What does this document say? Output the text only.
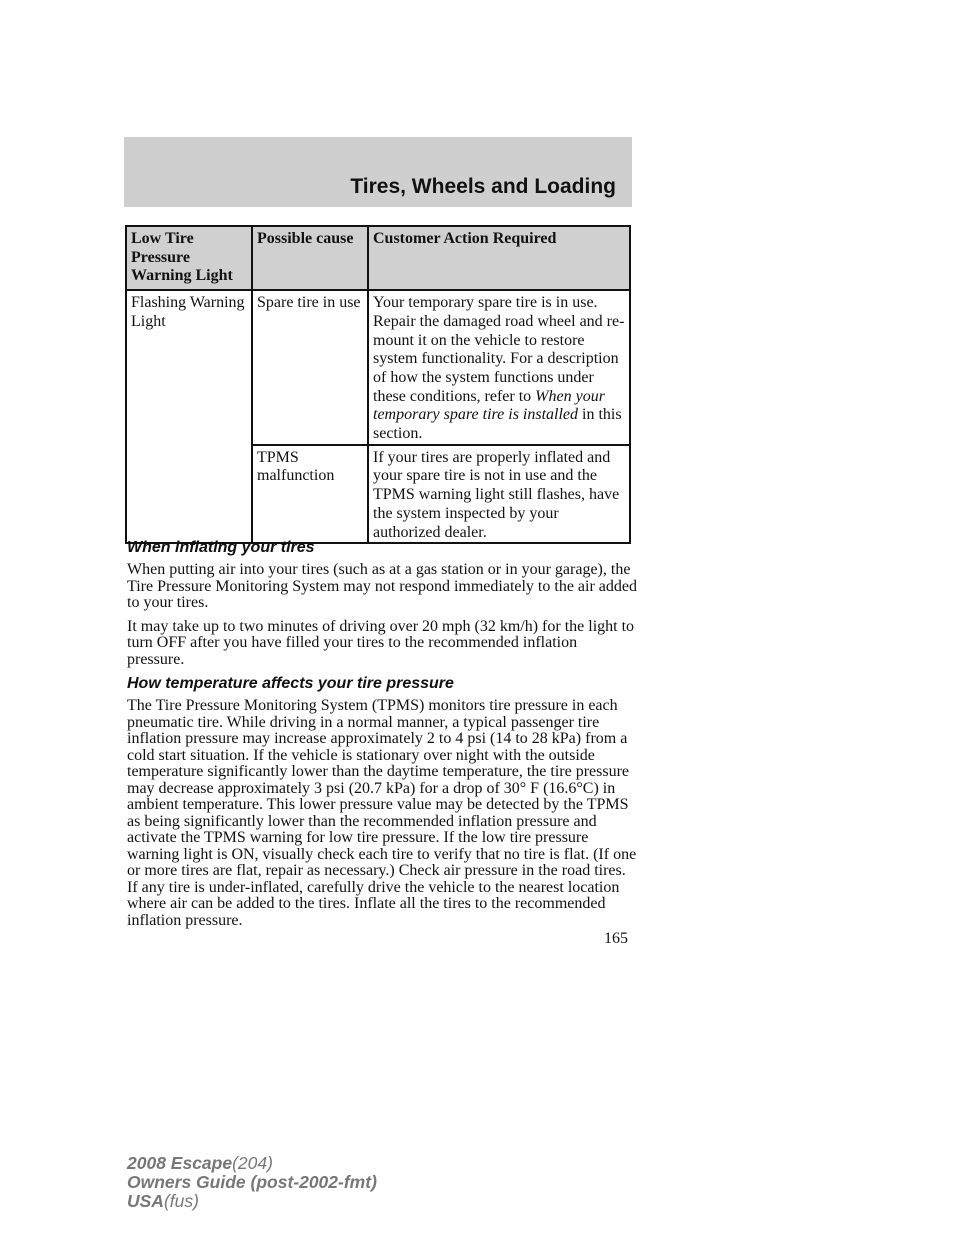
Tires, Wheels and Loading
Low Tire Pressure Warning Light	Possible cause	Customer Action Required
Flashing Warning Light	Spare tire in use	Your temporary spare tire is in use. Repair the damaged road wheel and re-mount it on the vehicle to restore system functionality. For a description of how the system functions under these conditions, refer to When your temporary spare tire is installed in this section.
	TPMS malfunction	If your tires are properly inflated and your spare tire is not in use and the TPMS warning light still flashes, have the system inspected by your authorized dealer.
When inflating your tires

When putting air into your tires (such as at a gas station or in your garage), the Tire Pressure Monitoring System may not respond immediately to the air added to your tires.

It may take up to two minutes of driving over 20 mph (32 km/h) for the light to turn OFF after you have filled your tires to the recommended inflation pressure.

How temperature affects your tire pressure

The Tire Pressure Monitoring System (TPMS) monitors tire pressure in each pneumatic tire. While driving in a normal manner, a typical passenger tire inflation pressure may increase approximately 2 to 4 psi (14 to 28 kPa) from a cold start situation. If the vehicle is stationary over night with the outside temperature significantly lower than the daytime temperature, the tire pressure may decrease approximately 3 psi (20.7 kPa) for a drop of 30° F (16.6°C) in ambient temperature. This lower pressure value may be detected by the TPMS as being significantly lower than the recommended inflation pressure and activate the TPMS warning for low tire pressure. If the low tire pressure warning light is ON, visually check each tire to verify that no tire is flat. (If one or more tires are flat, repair as necessary.) Check air pressure in the road tires. If any tire is under-inflated, carefully drive the vehicle to the nearest location where air can be added to the tires. Inflate all the tires to the recommended inflation pressure.

165
2008 Escape(204)
Owners Guide (post-2002-fmt)
USA(fus)
